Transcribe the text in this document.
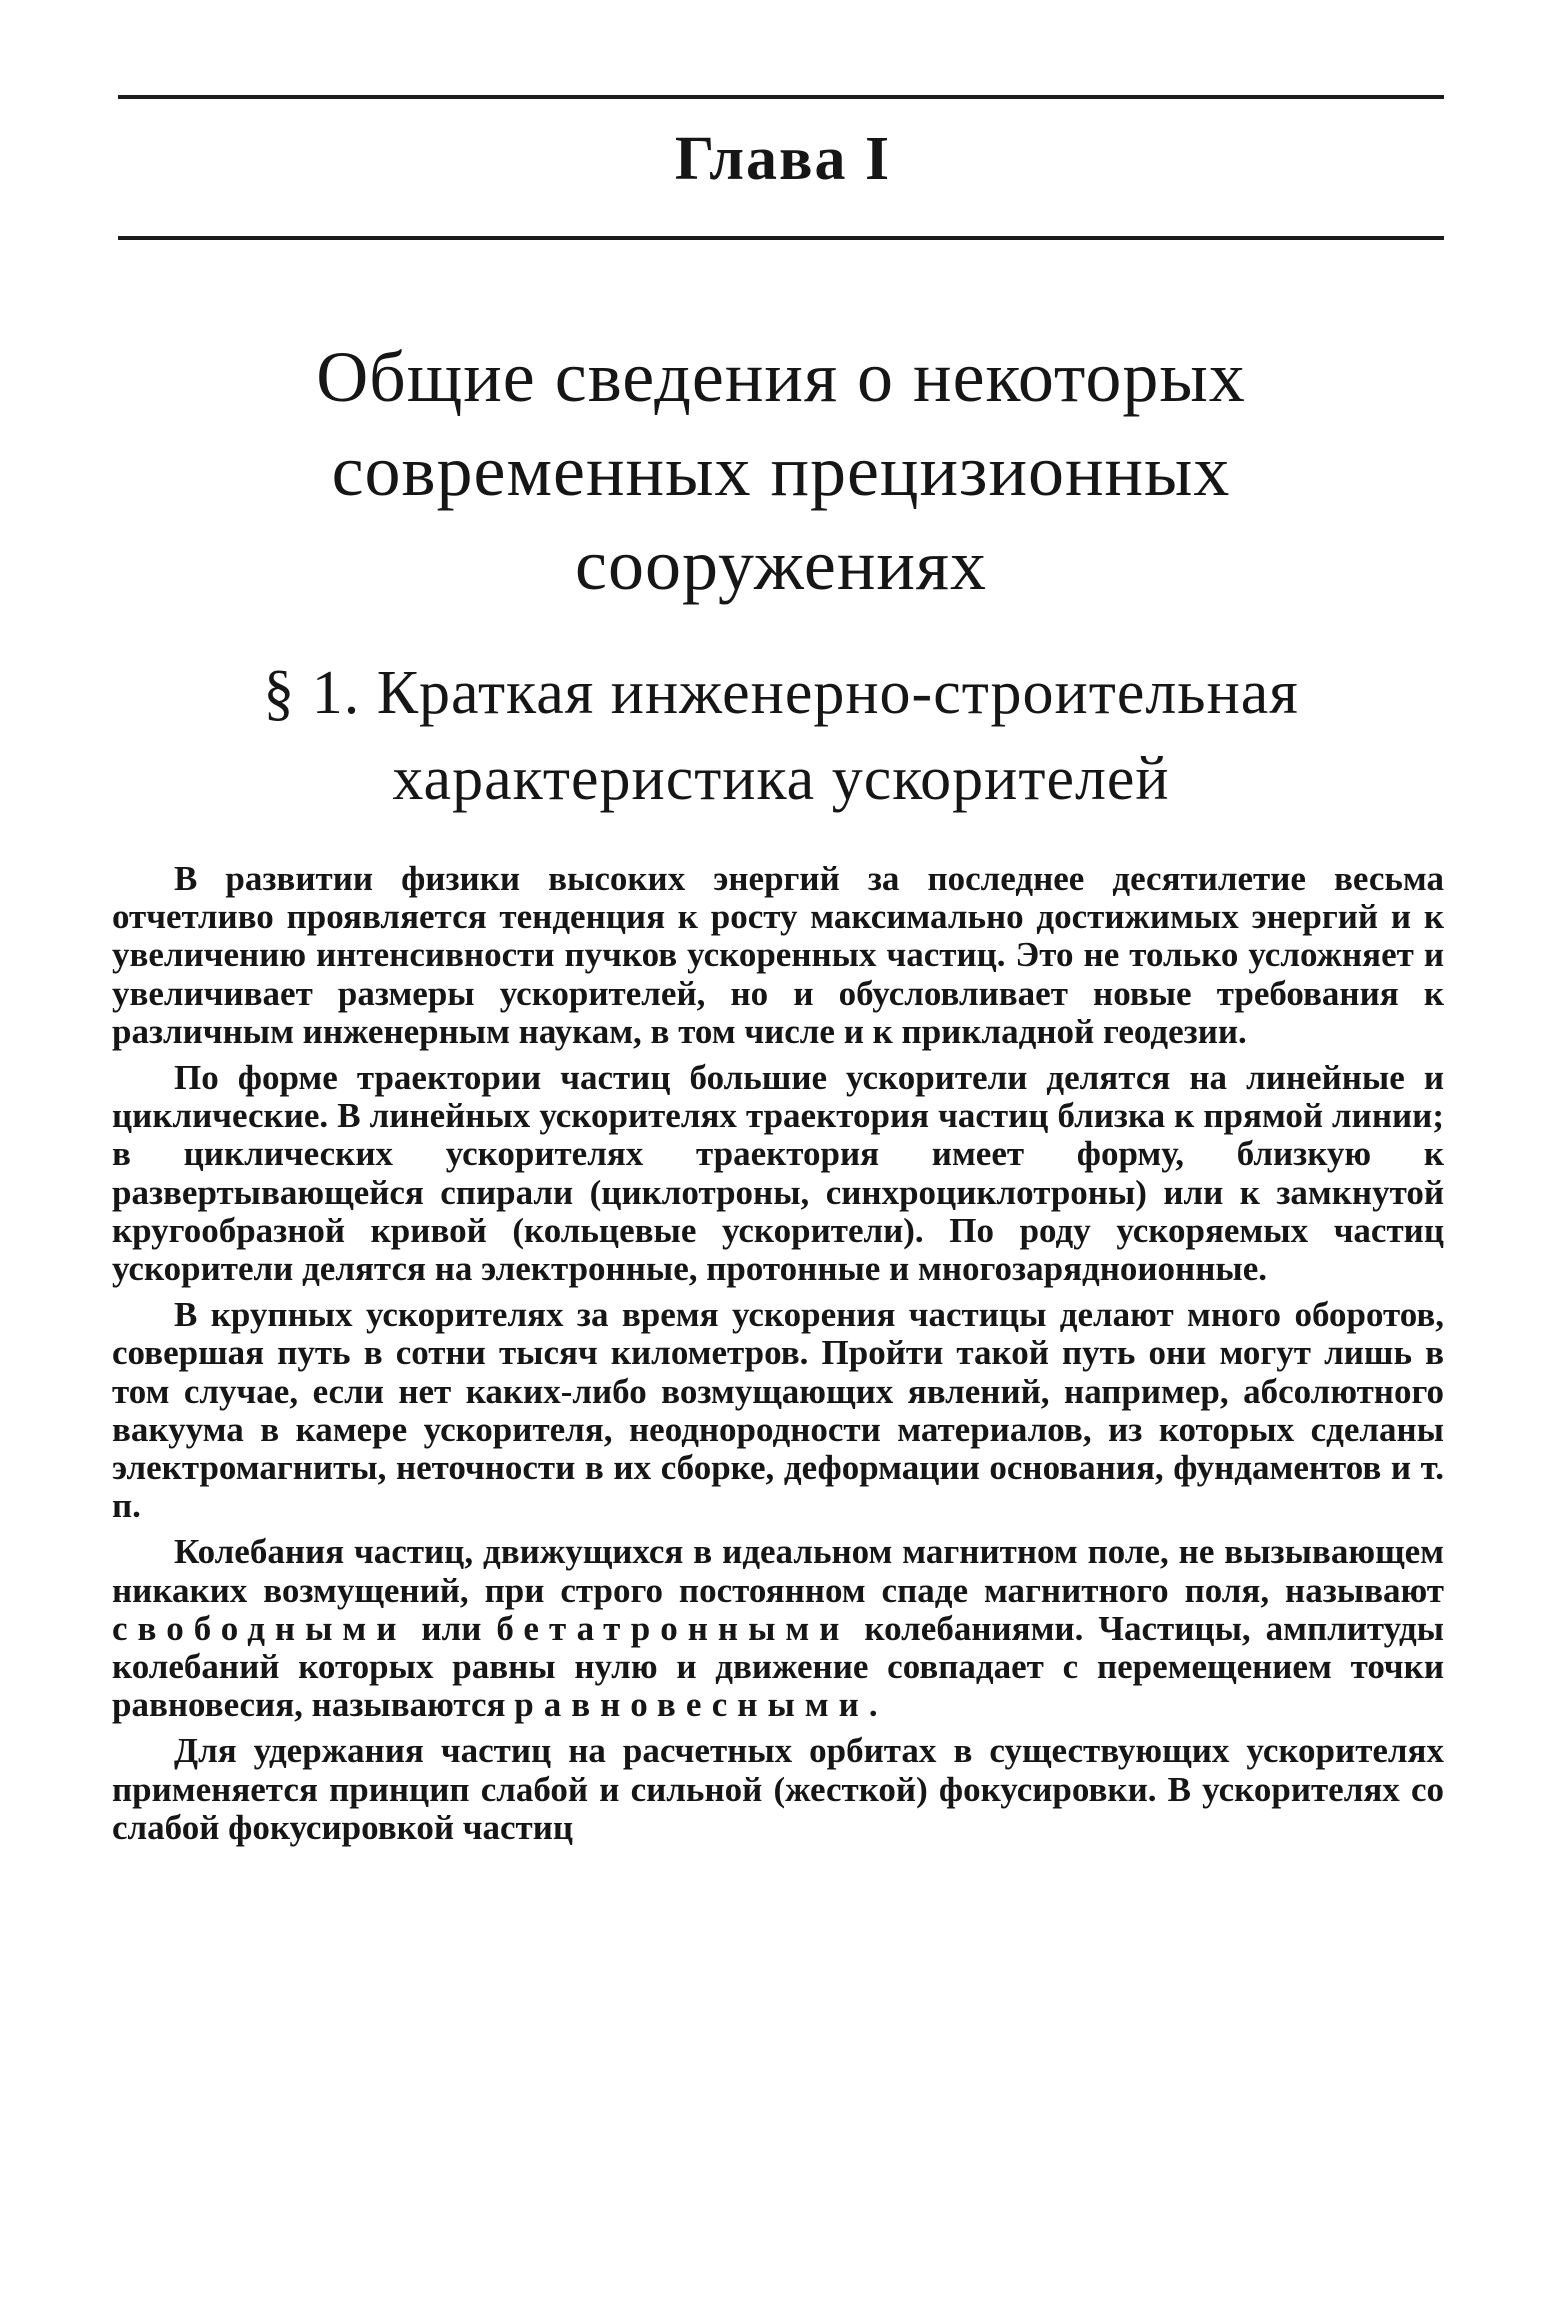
Глава I
Общие сведения о некоторых
современных прецизионных
сооружениях
§ 1. Краткая инженерно-строительная
характеристика ускорителей

В развитии физики высоких энергий за последнее десятилетие весьма отчетливо проявляется тенденция к росту максимально достижимых энергий и к увеличению интенсивности пучков ускоренных частиц. Это не только усложняет и увеличивает размеры ускорителей, но и обусловливает новые требования к различным инженерным наукам, в том числе и к прикладной геодезии.

По форме траектории частиц большие ускорители делятся на линейные и циклические. В линейных ускорителях траектория частиц близка к прямой линии; в циклических ускорителях траектория имеет форму, близкую к развертывающейся спирали (циклотроны, синхроциклотроны) или к замкнутой кругообразной кривой (кольцевые ускорители). По роду ускоряемых частиц ускорители делятся на электронные, протонные и многозарядноионные.

В крупных ускорителях за время ускорения частицы делают много оборотов, совершая путь в сотни тысяч километров. Пройти такой путь они могут лишь в том случае, если нет каких-либо возмущающих явлений, например, абсолютного вакуума в камере ускорителя, неоднородности материалов, из которых сделаны электромагниты, неточности в их сборке, деформации основания, фундаментов и т. п.

Колебания частиц, движущихся в идеальном магнитном поле, не вызывающем никаких возмущений, при строго постоянном спаде магнитного поля, называют свободными или бетатронными колебаниями. Частицы, амплитуды колебаний которых равны нулю и движение совпадает с перемещением точки равновесия, называются равновесными.

Для удержания частиц на расчетных орбитах в существующих ускорителях применяется принцип слабой и сильной (жесткой) фокусировки. В ускорителях со слабой фокусировкой частиц
